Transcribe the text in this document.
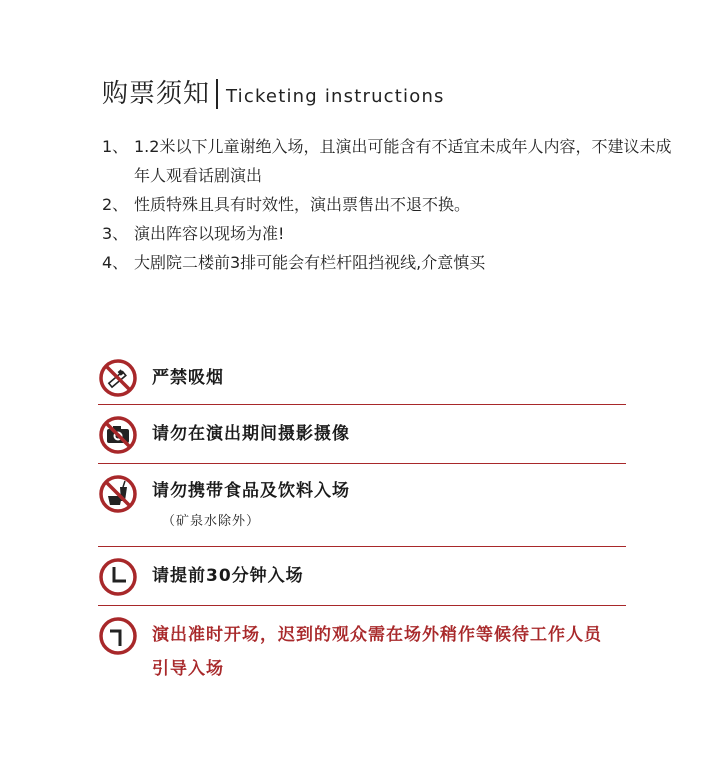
购票须知 Ticketing instructions
1、 1.2米以下儿童谢绝入场，且演出可能含有不适宜未成年人内容，不建议未成年人观看话剧演出
2、 性质特殊且具有时效性，演出票售出不退不换。
3、 演出阵容以现场为准!
4、 大剧院二楼前3排可能会有栏杆阻挡视线,介意慎买
严禁吸烟
请勿在演出期间摄影摄像
请勿携带食品及饮料入场
（矿泉水除外）
请提前30分钟入场
演出准时开场，迟到的观众需在场外稍作等候待工作人员引导入场
